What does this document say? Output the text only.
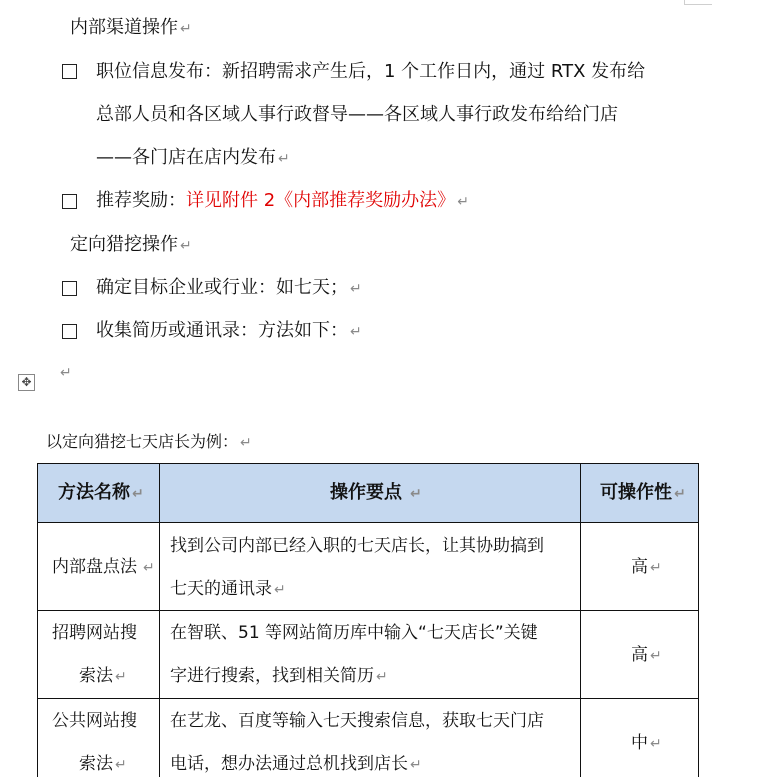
内部渠道操作 ↵
职位信息发布：新招聘需求产生后，1 个工作日内，通过 RTX 发布给
总部人员和各区域人事行政督导——各区域人事行政发布给给门店
——各门店在店内发布 ↵
推荐奖励：详见附件 2《内部推荐奖励办法》 ↵
定向猎挖操作 ↵
确定目标企业或行业：如七天； ↵
收集简历或通讯录：方法如下： ↵
✥
↵
以定向猎挖七天店长为例： ↵
方法名称 ↵	操作要点 ↵	可操作性 ↵
内部盘点法 ↵
找到公司内部已经入职的七天店长，让其协助搞到
七天的通讯录 ↵
高 ↵
招聘网站搜
索法 ↵
在智联、51 等网站简历库中输入“七天店长”关键
字进行搜索，找到相关简历 ↵
高 ↵
公共网站搜
索法 ↵
在艺龙、百度等输入七天搜索信息，获取七天门店
电话，想办法通过总机找到店长 ↵
中 ↵
